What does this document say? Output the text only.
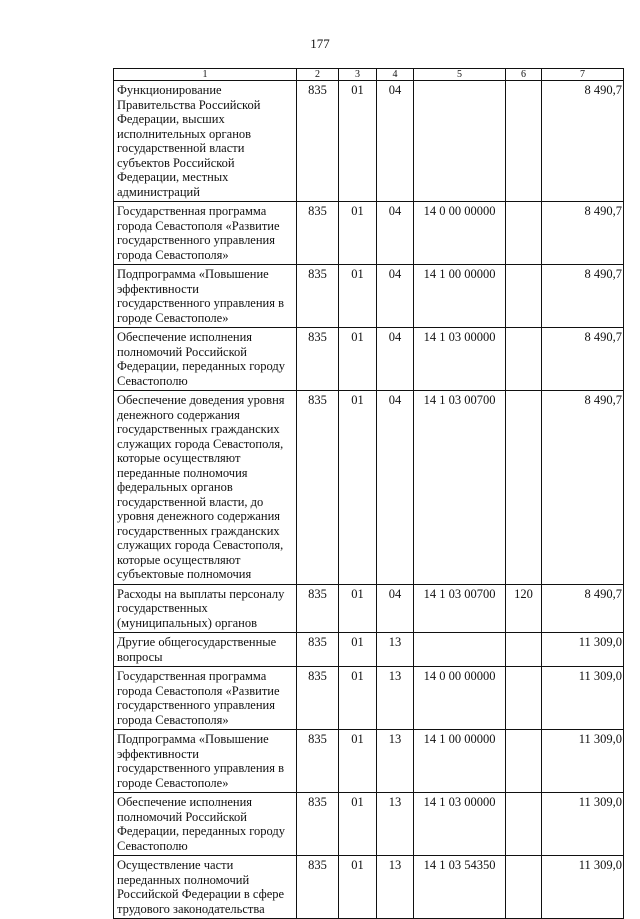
177
1	2	3	4	5	6	7
Функционирование Правительства Российской Федерации, высших исполнительных органов государственной власти субъектов Российской Федерации, местных администраций	835	01	04			8 490,7
Государственная программа города Севастополя «Развитие государственного управления города Севастополя»	835	01	04	14 0 00 00000		8 490,7
Подпрограмма «Повышение эффективности государственного управления в городе Севастополе»	835	01	04	14 1 00 00000		8 490,7
Обеспечение исполнения полномочий Российской Федерации, переданных городу Севастополю	835	01	04	14 1 03 00000		8 490,7
Обеспечение доведения уровня денежного содержания государственных гражданских служащих города Севастополя, которые осуществляют переданные полномочия федеральных органов государственной власти, до уровня денежного содержания государственных гражданских служащих города Севастополя, которые осуществляют субъектовые полномочия	835	01	04	14 1 03 00700		8 490,7
Расходы на выплаты персоналу государственных (муниципальных) органов	835	01	04	14 1 03 00700	120	8 490,7
Другие общегосударственные вопросы	835	01	13			11 309,0
Государственная программа города Севастополя «Развитие государственного управления города Севастополя»	835	01	13	14 0 00 00000		11 309,0
Подпрограмма «Повышение эффективности государственного управления в городе Севастополе»	835	01	13	14 1 00 00000		11 309,0
Обеспечение исполнения полномочий Российской Федерации, переданных городу Севастополю	835	01	13	14 1 03 00000		11 309,0
Осуществление части переданных полномочий Российской Федерации в сфере трудового законодательства	835	01	13	14 1 03 54350		11 309,0
